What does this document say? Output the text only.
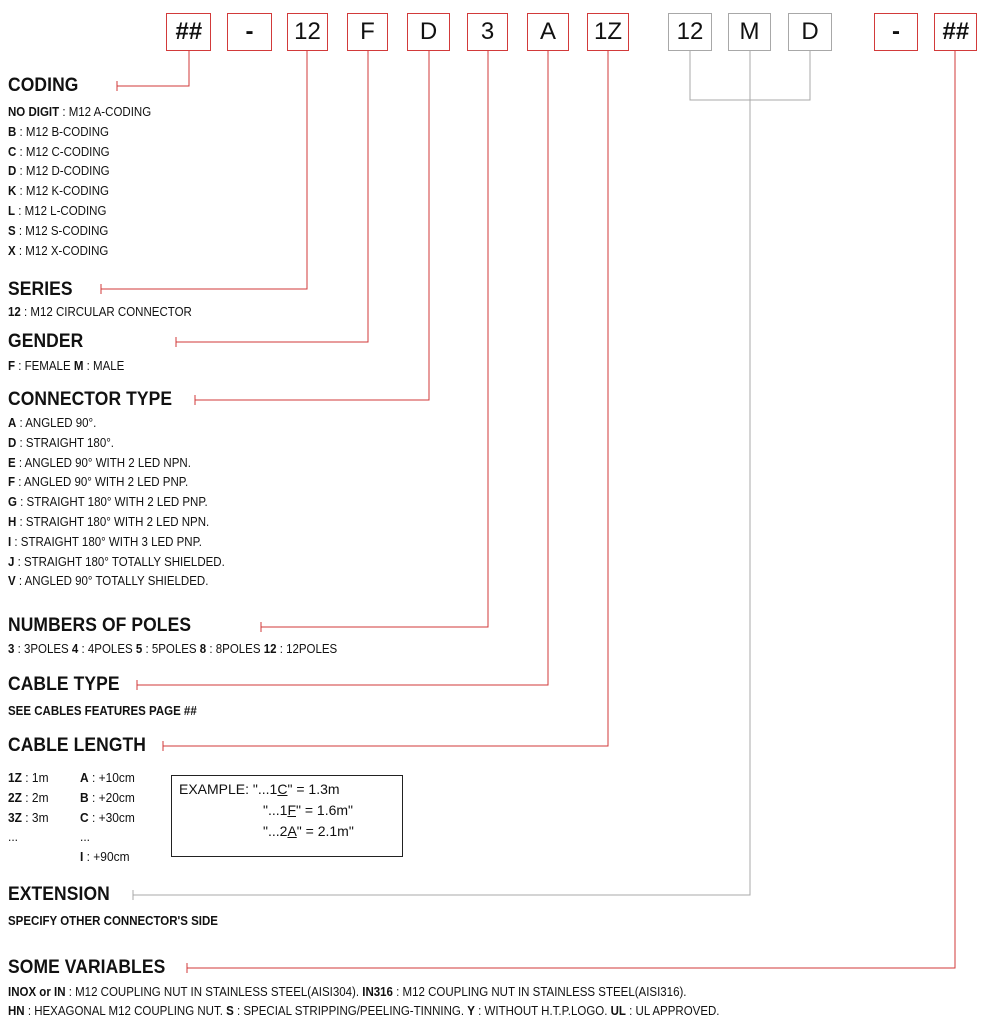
##	-	12	F	D	3	A	1Z	12	M	D	-	##
CODING
NO DIGIT : M12 A-CODING
B : M12 B-CODING
C : M12 C-CODING
D : M12 D-CODING
K : M12 K-CODING
L : M12 L-CODING
S : M12 S-CODING
X : M12 X-CODING
SERIES
12 : M12 CIRCULAR CONNECTOR
GENDER
F : FEMALE M : MALE
CONNECTOR TYPE
A : ANGLED 90°.
D : STRAIGHT 180°.
E : ANGLED 90° WITH 2 LED NPN.
F : ANGLED 90° WITH 2 LED PNP.
G : STRAIGHT 180° WITH 2 LED PNP.
H : STRAIGHT 180° WITH 2 LED NPN.
I : STRAIGHT 180° WITH 3 LED PNP.
J : STRAIGHT 180° TOTALLY SHIELDED.
V : ANGLED 90° TOTALLY SHIELDED.
NUMBERS OF POLES
3 : 3POLES 4 : 4POLES 5 : 5POLES 8 : 8POLES 12 : 12POLES
CABLE TYPE
SEE CABLES FEATURES PAGE ##
CABLE LENGTH
1Z : 1m
2Z : 2m
3Z : 3m
...
A : +10cm
B : +20cm
C : +30cm
...
I : +90cm
EXAMPLE: "...1C" = 1.3m
"...1F" = 1.6m"
"...2A" = 2.1m"
EXTENSION
SPECIFY OTHER CONNECTOR'S SIDE
SOME VARIABLES
INOX or IN : M12 COUPLING NUT IN STAINLESS STEEL(AISI304). IN316 : M12 COUPLING NUT IN STAINLESS STEEL(AISI316).
HN : HEXAGONAL M12 COUPLING NUT. S : SPECIAL STRIPPING/PEELING-TINNING. Y : WITHOUT H.T.P.LOGO. UL : UL APPROVED.
